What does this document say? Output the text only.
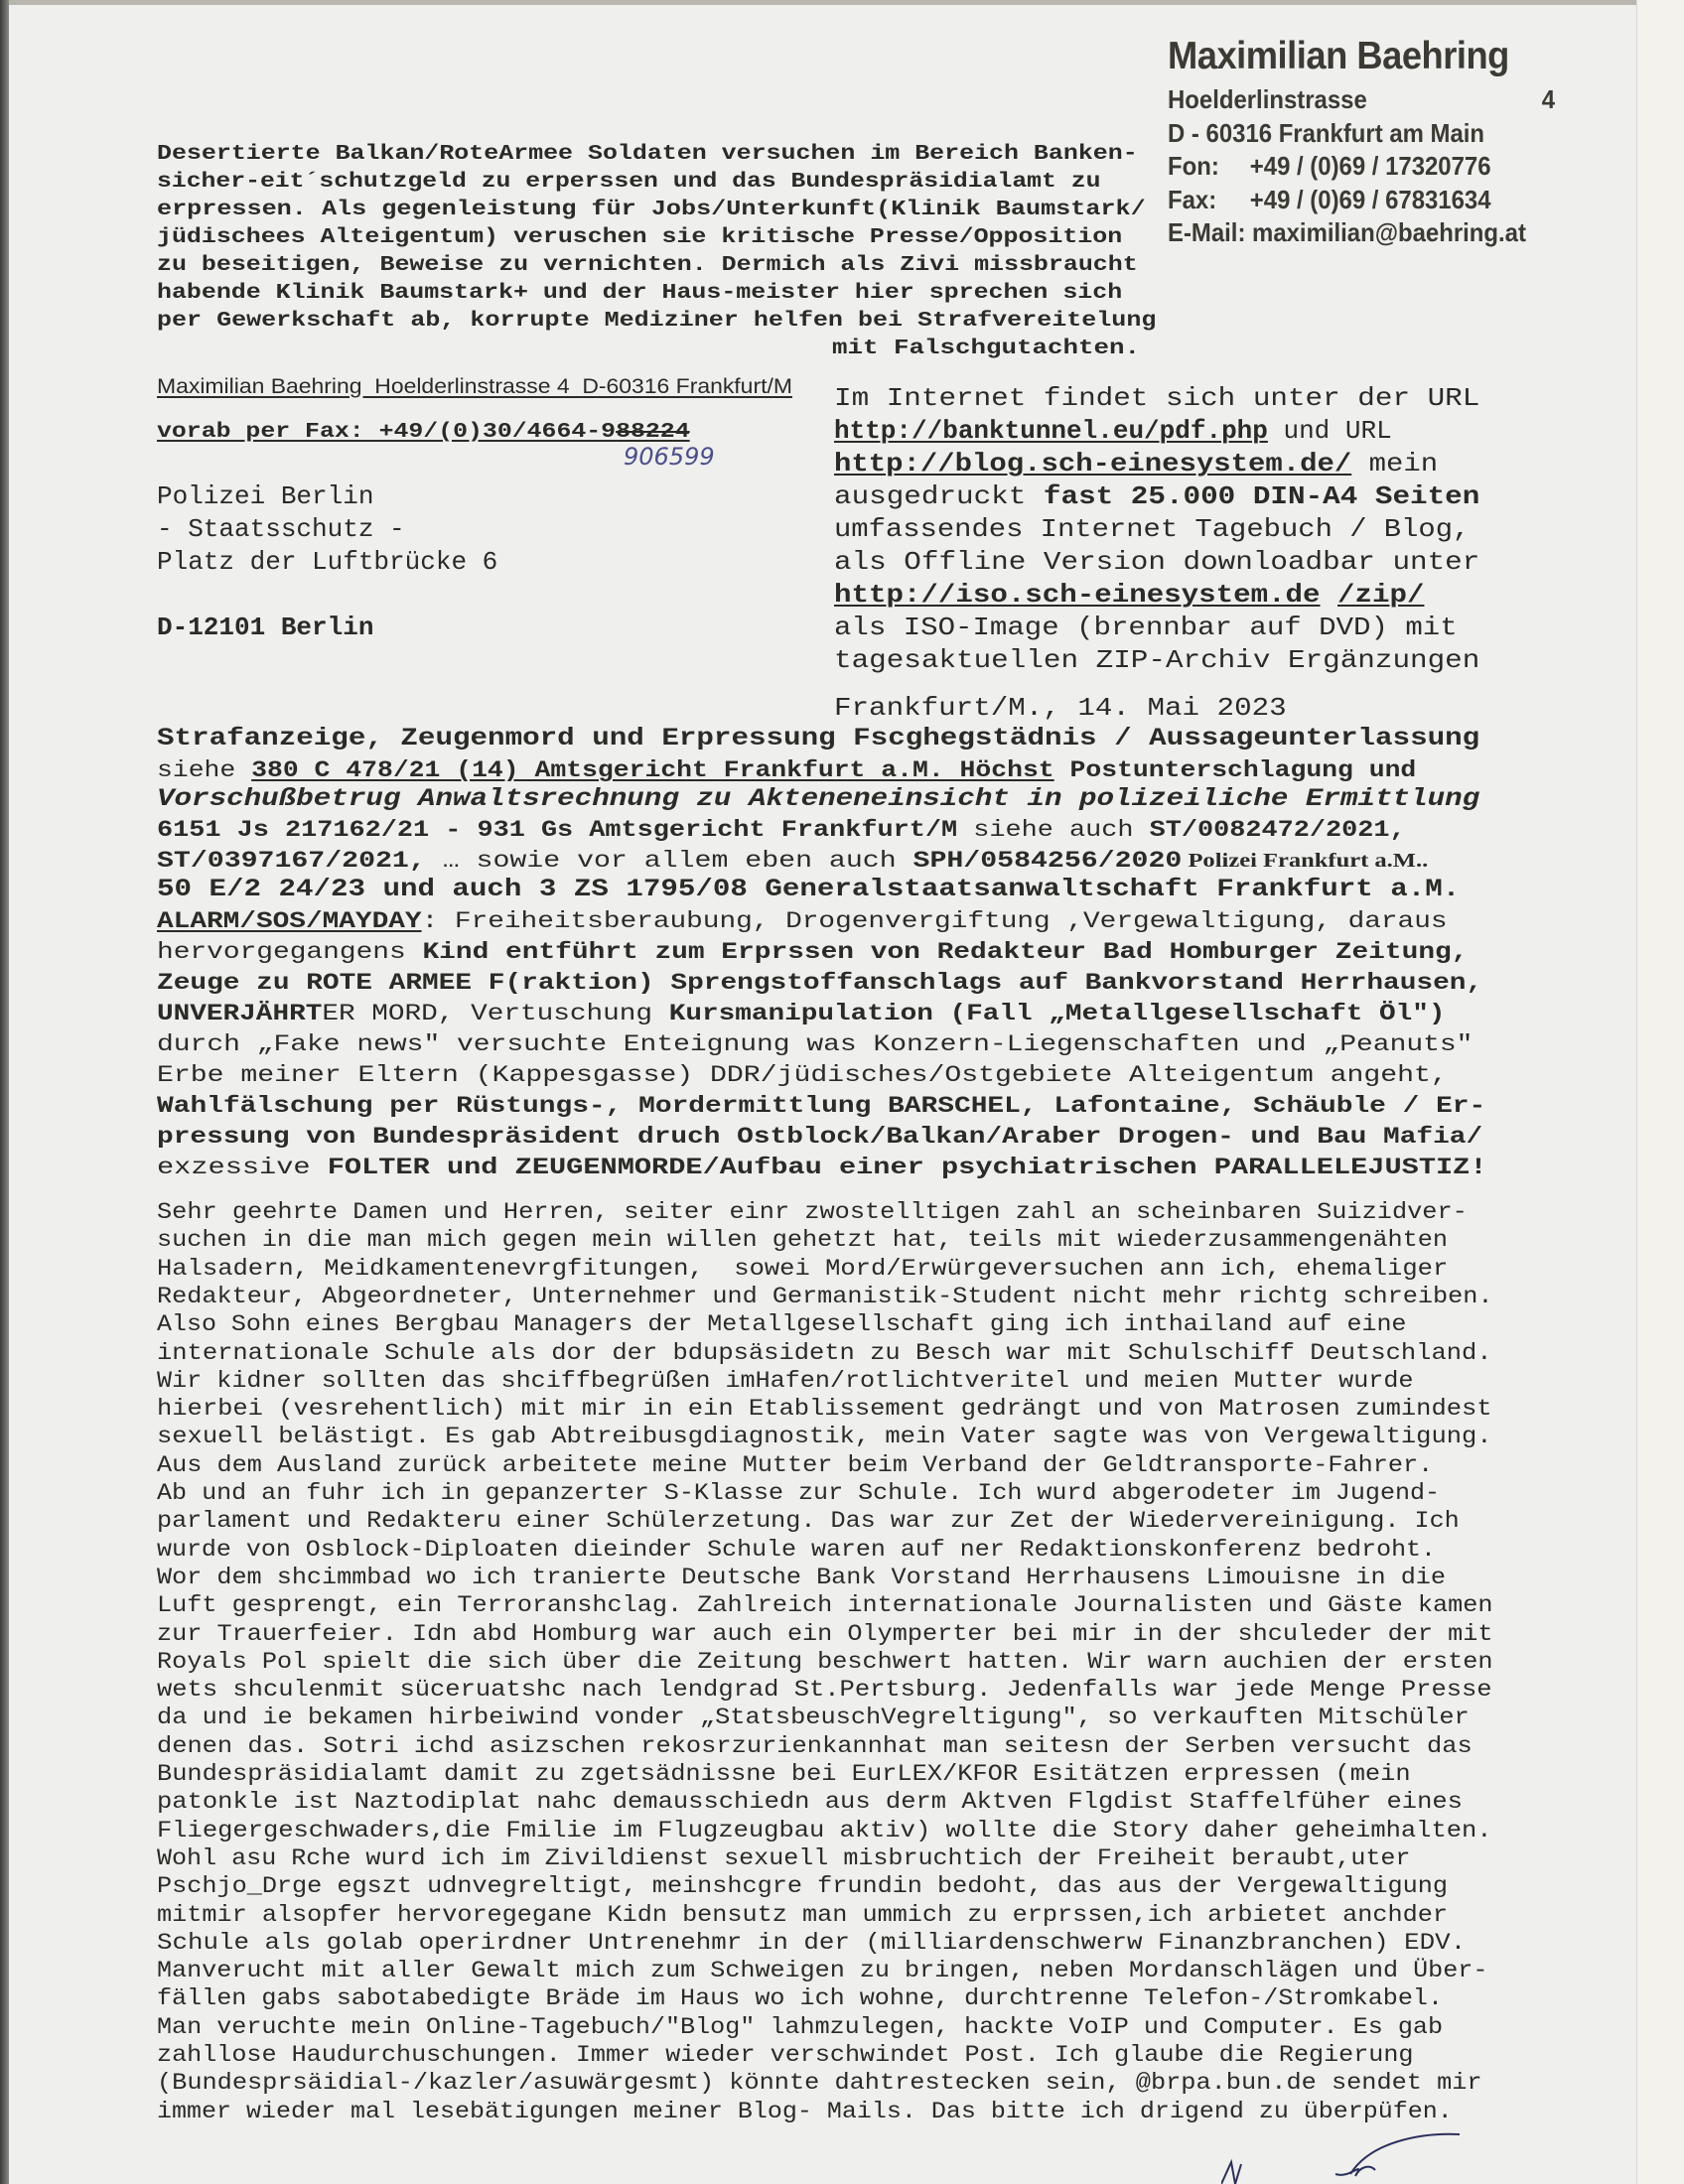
Maximilian Baehring
Hoelderlinstrasse	4
D - 60316 Frankfurt am Main
Fon: +49 / (0)69 / 17320776
Fax: +49 / (0)69 / 67831634
E-Mail: maximilian@baehring.at
Desertierte Balkan/RoteArmee Soldaten versuchen im Bereich Banken-
sicher-eit´schutzgeld zu erperssen und das Bundespräsidialamt zu
erpressen. Als gegenleistung für Jobs/Unterkunft(Klinik Baumstark/
jüdischees Alteigentum) veruschen sie kritische Presse/Opposition
zu beseitigen, Beweise zu vernichten. Dermich als Zivi missbraucht
habende Klinik Baumstark+ und der Haus-meister hier sprechen sich
per Gewerkschaft ab, korrupte Mediziner helfen bei Strafvereitelung
mit Falschgutachten.
Maximilian Baehring  Hoelderlinstrasse 4  D-60316 Frankfurt/M
vorab per Fax: +49/(0)30/4664-988224
906599
Polizei Berlin
- Staatsschutz -
Platz der Luftbrücke 6
D-12101 Berlin
Im Internet findet sich unter der URL
http://banktunnel.eu/pdf.php und URL
http://blog.sch-einesystem.de/ mein
ausgedruckt fast 25.000 DIN-A4 Seiten
umfassendes Internet Tagebuch / Blog,
als Offline Version downloadbar unter
http://iso.sch-einesystem.de /zip/
als ISO-Image (brennbar auf DVD) mit
tagesaktuellen ZIP-Archiv Ergänzungen
Frankfurt/M., 14. Mai 2023
Strafanzeige, Zeugenmord und Erpressung Fscghegstädnis / Aussageunterlassung
siehe 380 C 478/21 (14) Amtsgericht Frankfurt a.M. Höchst Postunterschlagung und
Vorschußbetrug Anwaltsrechnung zu Akteneneinsicht in polizeiliche Ermittlung
6151 Js 217162/21 - 931 Gs Amtsgericht Frankfurt/M siehe auch ST/0082472/2021,
ST/0397167/2021, … sowie vor allem eben auch SPH/0584256/2020 Polizei Frankfurt a.M..
50 E/2 24/23 und auch 3 ZS 1795/08 Generalstaatsanwaltschaft Frankfurt a.M.
ALARM/SOS/MAYDAY: Freiheitsberaubung, Drogenvergiftung ,Vergewaltigung, daraus
hervorgegangens Kind entführt zum Erprssen von Redakteur Bad Homburger Zeitung,
Zeuge zu ROTE ARMEE F(raktion) Sprengstoffanschlags auf Bankvorstand Herrhausen,
UNVERJÄHRTER MORD, Vertuschung Kursmanipulation (Fall „Metallgesellschaft Öl")
durch „Fake news" versuchte Enteignung was Konzern-Liegenschaften und „Peanuts"
Erbe meiner Eltern (Kappesgasse) DDR/jüdisches/Ostgebiete Alteigentum angeht,
Wahlfälschung per Rüstungs-, Mordermittlung BARSCHEL, Lafontaine, Schäuble / Er-
pressung von Bundespräsident druch Ostblock/Balkan/Araber Drogen- und Bau Mafia/
exzessive FOLTER und ZEUGENMORDE/Aufbau einer psychiatrischen PARALLELEJUSTIZ!
Sehr geehrte Damen und Herren, seiter einr zwostelltigen zahl an scheinbaren Suizidver-
suchen in die man mich gegen mein willen gehetzt hat, teils mit wiederzusammengenähten
Halsadern, Meidkamentenevrgfitungen,  sowei Mord/Erwürgeversuchen ann ich, ehemaliger
Redakteur, Abgeordneter, Unternehmer und Germanistik-Student nicht mehr richtg schreiben.
Also Sohn eines Bergbau Managers der Metallgesellschaft ging ich inthailand auf eine
internationale Schule als dor der bdupsäsidetn zu Besch war mit Schulschiff Deutschland.
Wir kidner sollten das shciffbegrüßen imHafen/rotlichtveritel und meien Mutter wurde
hierbei (vesrehentlich) mit mir in ein Etablissement gedrängt und von Matrosen zumindest
sexuell belästigt. Es gab Abtreibusgdiagnostik, mein Vater sagte was von Vergewaltigung.
Aus dem Ausland zurück arbeitete meine Mutter beim Verband der Geldtransporte-Fahrer.
Ab und an fuhr ich in gepanzerter S-Klasse zur Schule. Ich wurd abgerodeter im Jugend-
parlament und Redakteru einer Schülerzetung. Das war zur Zet der Wiedervereinigung. Ich
wurde von Osblock-Diploaten dieinder Schule waren auf ner Redaktionskonferenz bedroht.
Wor dem shcimmbad wo ich tranierte Deutsche Bank Vorstand Herrhausens Limouisne in die
Luft gesprengt, ein Terroranshclag. Zahlreich internationale Journalisten und Gäste kamen
zur Trauerfeier. Idn abd Homburg war auch ein Olymperter bei mir in der shculeder der mit
Royals Pol spielt die sich über die Zeitung beschwert hatten. Wir warn auchien der ersten
wets shculenmit süceruatshc nach lendgrad St.Pertsburg. Jedenfalls war jede Menge Presse
da und ie bekamen hirbeiwind vonder „StatsbeuschVegreltigung", so verkauften Mitschüler
denen das. Sotri ichd asizschen rekosrzurienkannhat man seitesn der Serben versucht das
Bundespräsidialamt damit zu zgetsädnissne bei EurLEX/KFOR Esitätzen erpressen (mein
patonkle ist Naztodiplat nahc demausschiedn aus derm Aktven Flgdist Staffelfüher eines
Fliegergeschwaders,die Fmilie im Flugzeugbau aktiv) wollte die Story daher geheimhalten.
Wohl asu Rche wurd ich im Zivildienst sexuell misbruchtich der Freiheit beraubt,uter
Pschjo_Drge egszt udnvegreltigt, meinshcgre frundin bedoht, das aus der Vergewaltigung
mitmir alsopfer hervoregegane Kidn bensutz man ummich zu erprssen,ich arbietet anchder
Schule als golab operirdner Untrenehmr in der (milliardenschwerw Finanzbranchen) EDV.
Manverucht mit aller Gewalt mich zum Schweigen zu bringen, neben Mordanschlägen und Über-
fällen gabs sabotabedigte Bräde im Haus wo ich wohne, durchtrenne Telefon-/Stromkabel.
Man veruchte mein Online-Tagebuch/"Blog" lahmzulegen, hackte VoIP und Computer. Es gab
zahllose Haudurchuschungen. Immer wieder verschwindet Post. Ich glaube die Regierung
(Bundesprsäidial-/kazler/asuwärgesmt) könnte dahtrestecken sein, @brpa.bun.de sendet mir
immer wieder mal lesebätigungen meiner Blog- Mails. Das bitte ich drigend zu überpüfen.
